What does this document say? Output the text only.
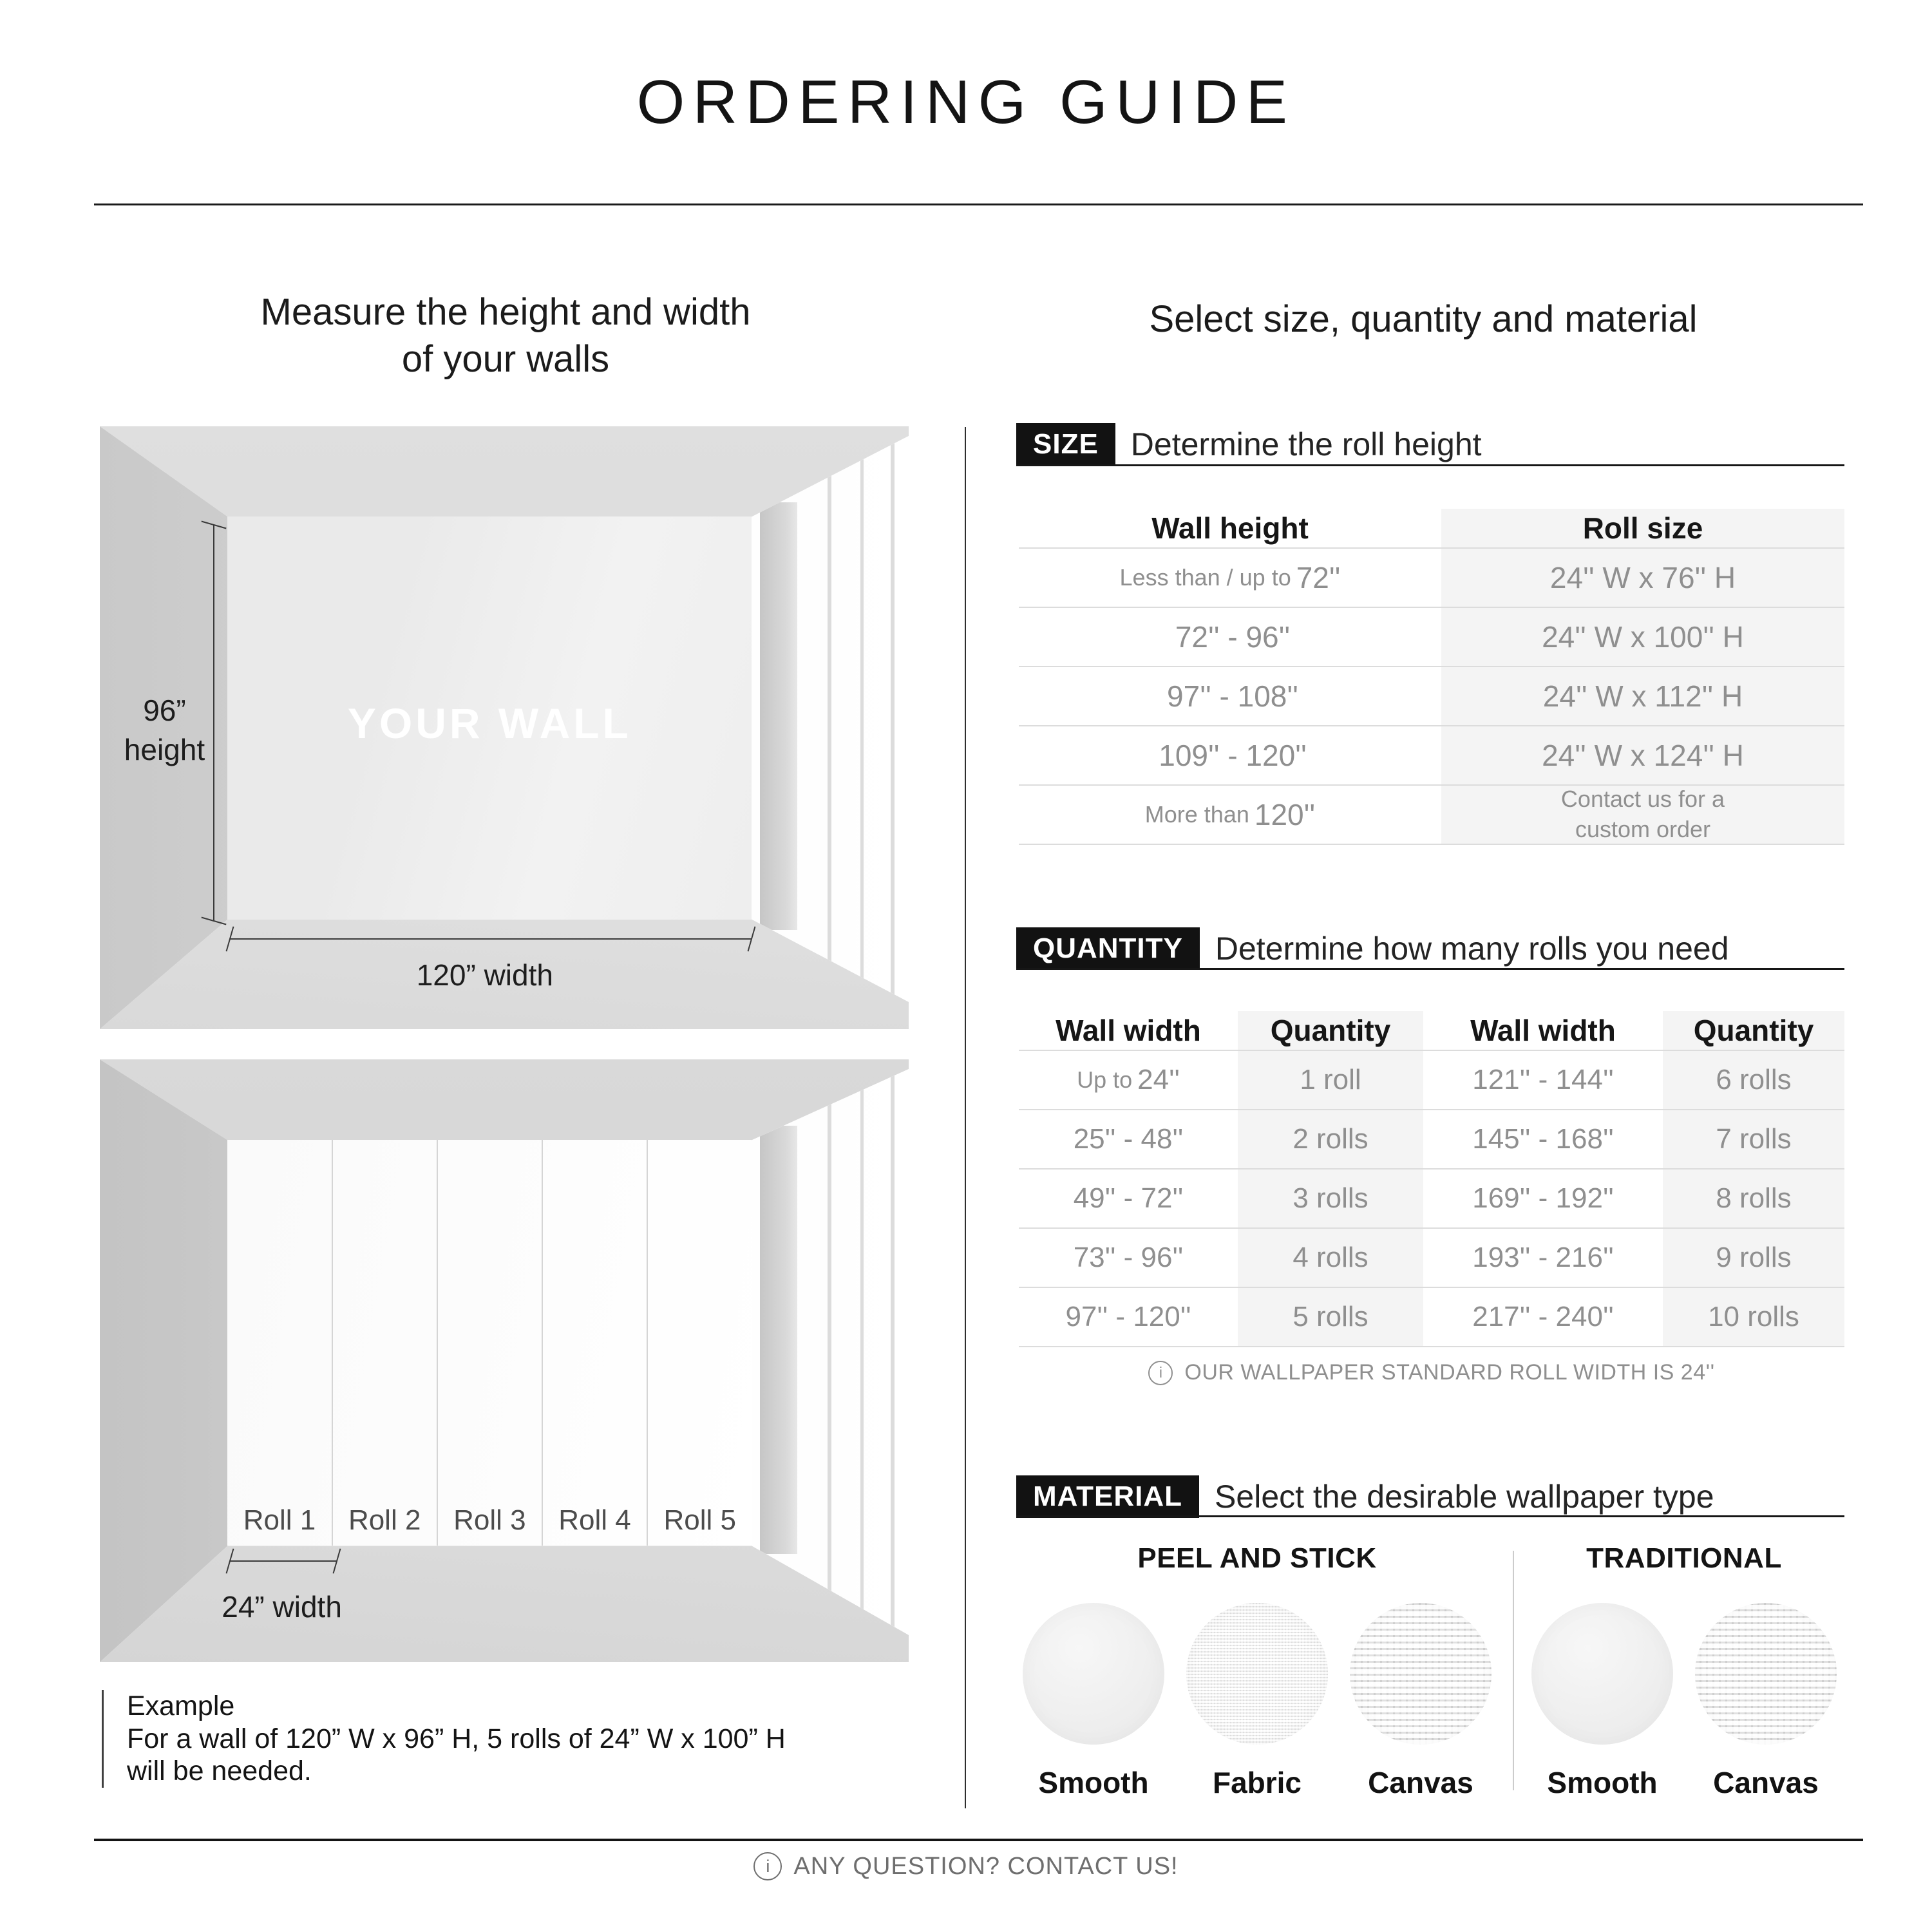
ORDERING GUIDE
Measure the height and width
of your walls
Select size, quantity and material
YOUR WALL
96”
height
120” width
Roll 1	Roll 2	Roll 3	Roll 4	Roll 5
24” width
Example
For a wall of 120” W x 96” H, 5 rolls of 24” W x 100” H
will be needed.
SIZE	Determine the roll height
Wall height	Roll size
Less than / up to 72''	24'' W x 76'' H
72'' - 96''	24'' W x 100'' H
97'' - 108''	24'' W x 112'' H
109'' - 120''	24'' W x 124'' H
More than 120''	Contact us for a custom order
QUANTITY	Determine how many rolls you need
Wall width	Quantity	Wall width	Quantity
Up to 24''	1 roll	121'' - 144''	6 rolls
25'' - 48''	2 rolls	145'' - 168''	7 rolls
49'' - 72''	3 rolls	169'' - 192''	8 rolls
73'' - 96''	4 rolls	193'' - 216''	9 rolls
97'' - 120''	5 rolls	217'' - 240''	10 rolls
i
OUR WALLPAPER STANDARD ROLL WIDTH IS 24''
MATERIAL	Select the desirable wallpaper type
PEEL AND STICK
Smooth Fabric Canvas
TRADITIONAL
Smooth Canvas
i
ANY QUESTION? CONTACT US!
